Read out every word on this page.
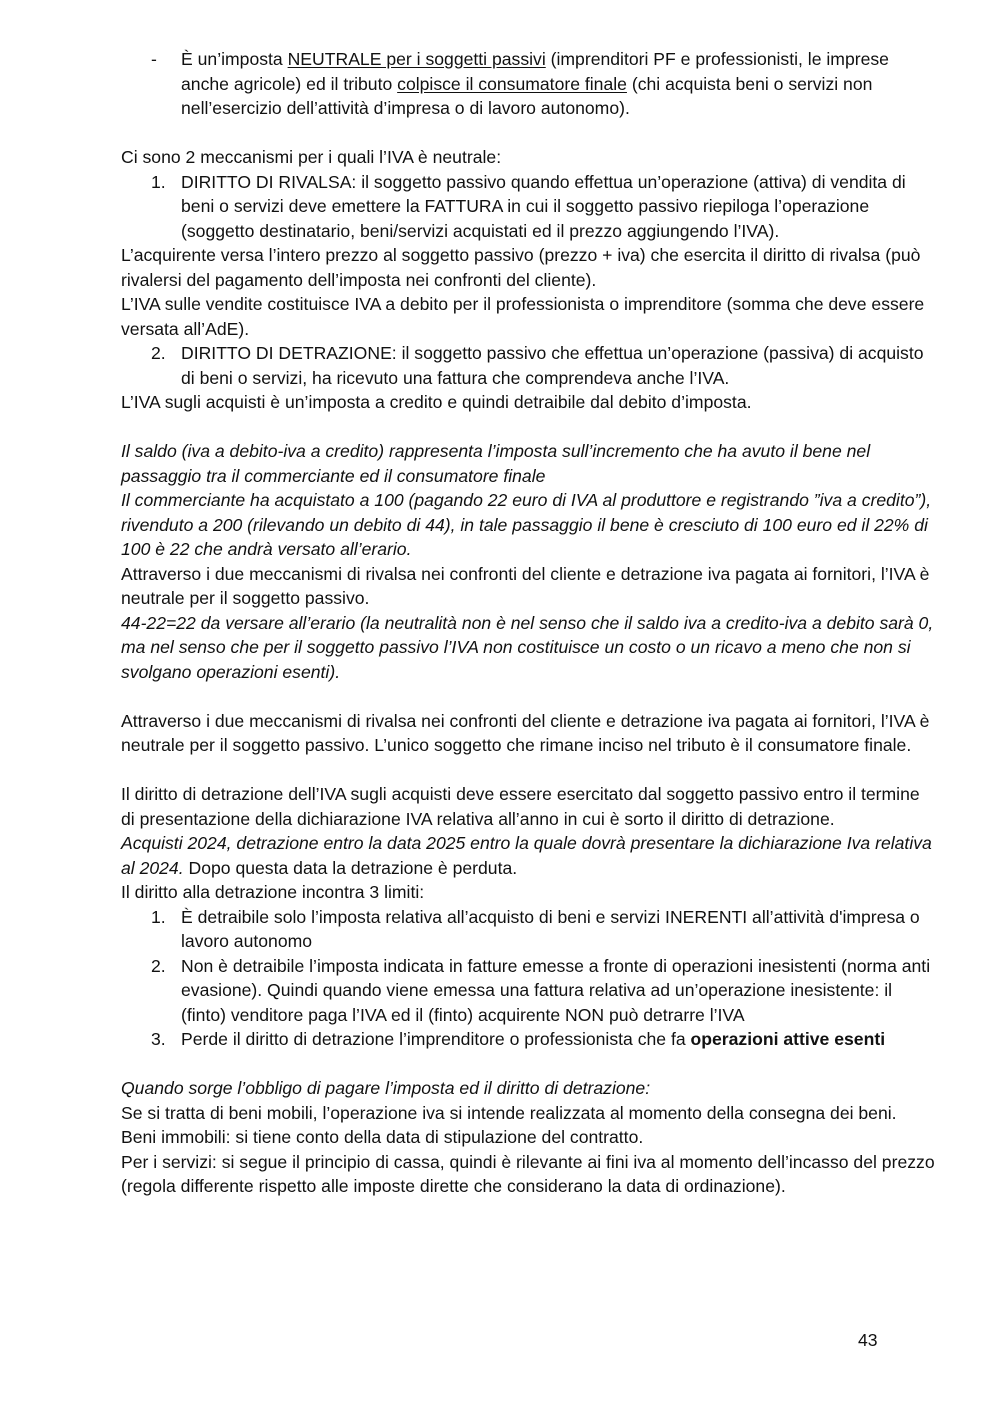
- È un’imposta NEUTRALE per i soggetti passivi (imprenditori PF e professionisti, le imprese anche agricole) ed il tributo colpisce il consumatore finale (chi acquista beni o servizi non nell’esercizio dell’attività d’impresa o di lavoro autonomo).

Ci sono 2 meccanismi per i quali l’IVA è neutrale:

1. DIRITTO DI RIVALSA: il soggetto passivo quando effettua un’operazione (attiva) di vendita di beni o servizi deve emettere la FATTURA in cui il soggetto passivo riepiloga l’operazione (soggetto destinatario, beni/servizi acquistati ed il prezzo aggiungendo l’IVA).

L’acquirente versa l’intero prezzo al soggetto passivo (prezzo + iva) che esercita il diritto di rivalsa (può rivalersi del pagamento dell’imposta nei confronti del cliente).

L’IVA sulle vendite costituisce IVA a debito per il professionista o imprenditore (somma che deve essere versata all’AdE).

2. DIRITTO DI DETRAZIONE: il soggetto passivo che effettua un’operazione (passiva) di acquisto di beni o servizi, ha ricevuto una fattura che comprendeva anche l’IVA.

L’IVA sugli acquisti è un’imposta a credito e quindi detraibile dal debito d’imposta.

Il saldo (iva a debito-iva a credito) rappresenta l’imposta sull’incremento che ha avuto il bene nel passaggio tra il commerciante ed il consumatore finale

Il commerciante ha acquistato a 100 (pagando 22 euro di IVA al produttore e registrando ”iva a credito”), rivenduto a 200 (rilevando un debito di 44), in tale passaggio il bene è cresciuto di 100 euro ed il 22% di 100 è 22 che andrà versato all’erario.

Attraverso i due meccanismi di rivalsa nei confronti del cliente e detrazione iva pagata ai fornitori, l’IVA è neutrale per il soggetto passivo.

44-22=22 da versare all’erario (la neutralità non è nel senso che il saldo iva a credito-iva a debito sarà 0, ma nel senso che per il soggetto passivo l’IVA non costituisce un costo o un ricavo a meno che non si svolgano operazioni esenti).

Attraverso i due meccanismi di rivalsa nei confronti del cliente e detrazione iva pagata ai fornitori, l’IVA è neutrale per il soggetto passivo. L’unico soggetto che rimane inciso nel tributo è il consumatore finale.

Il diritto di detrazione dell’IVA sugli acquisti deve essere esercitato dal soggetto passivo entro il termine di presentazione della dichiarazione IVA relativa all’anno in cui è sorto il diritto di detrazione.

Acquisti 2024, detrazione entro la data 2025 entro la quale dovrà presentare la dichiarazione Iva relativa al 2024. Dopo questa data la detrazione è perduta.

Il diritto alla detrazione incontra 3 limiti:

1. È detraibile solo l’imposta relativa all’acquisto di beni e servizi INERENTI all’attività d'impresa o lavoro autonomo

2. Non è detraibile l’imposta indicata in fatture emesse a fronte di operazioni inesistenti (norma anti evasione). Quindi quando viene emessa una fattura relativa ad un’operazione inesistente: il (finto) venditore paga l’IVA ed il (finto) acquirente NON può detrarre l’IVA

3. Perde il diritto di detrazione l’imprenditore o professionista che fa operazioni attive esenti

Quando sorge l’obbligo di pagare l’imposta ed il diritto di detrazione:

Se si tratta di beni mobili, l’operazione iva si intende realizzata al momento della consegna dei beni.

Beni immobili: si tiene conto della data di stipulazione del contratto.

Per i servizi: si segue il principio di cassa, quindi è rilevante ai fini iva al momento dell’incasso del prezzo (regola differente rispetto alle imposte dirette che considerano la data di ordinazione).

43
